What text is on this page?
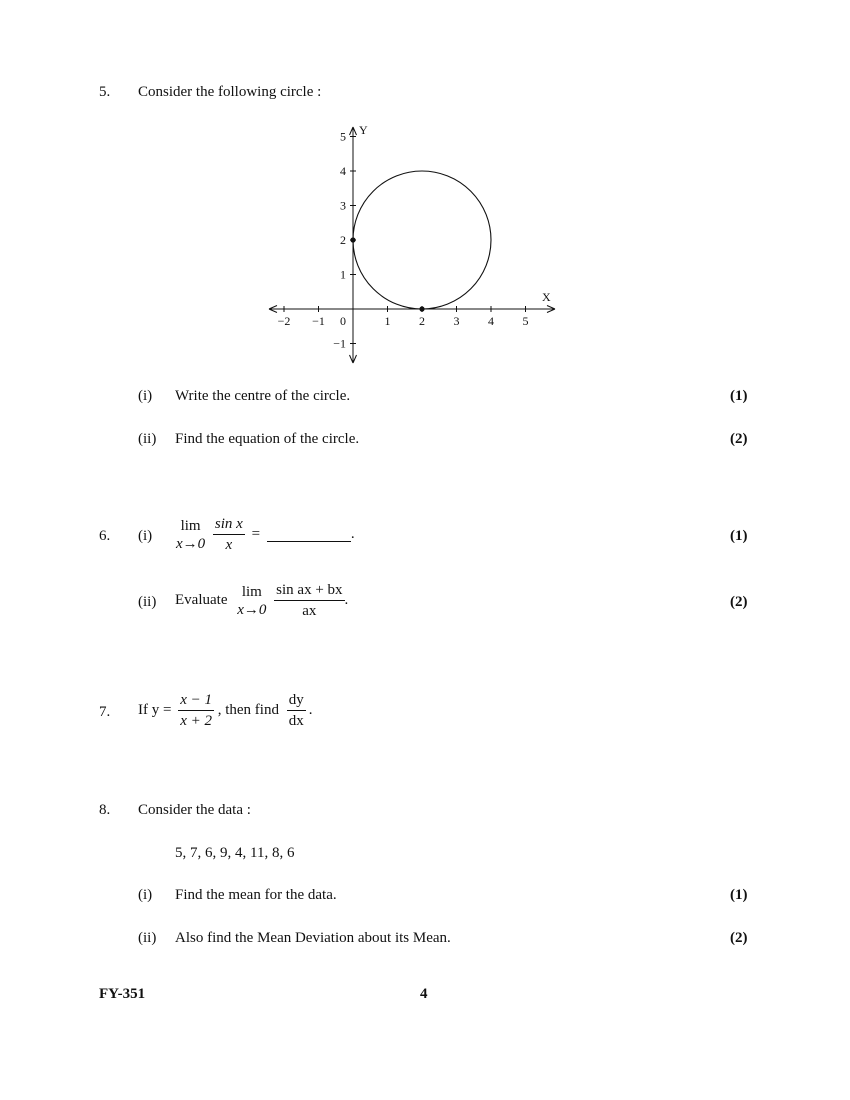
5. Consider the following circle :
X
Y
−2 −1 0	1 2 3 4 5
−1
1
2
3
4
5
(i) Write the centre of the circle.	(1)
(ii) Find the equation of the circle.	(2)
6. (i)
lim
x→0
$\frac{\text{sin x}}{x}$ =	.	(1)
(ii) Evaluate
lim
x→0
$\frac{\text{sin ax + bx}}{ax}$ .	(2)
7. If $y = \frac{x - 1}{x + 2}$ , then find $\frac{dy}{dx}$ .
8. Consider the data :
5, 7, 6, 9, 4, 11, 8, 6
(i) Find the mean for the data.	(1)
(ii) Also find the Mean Deviation about its Mean.	(2)
FY-351	4
